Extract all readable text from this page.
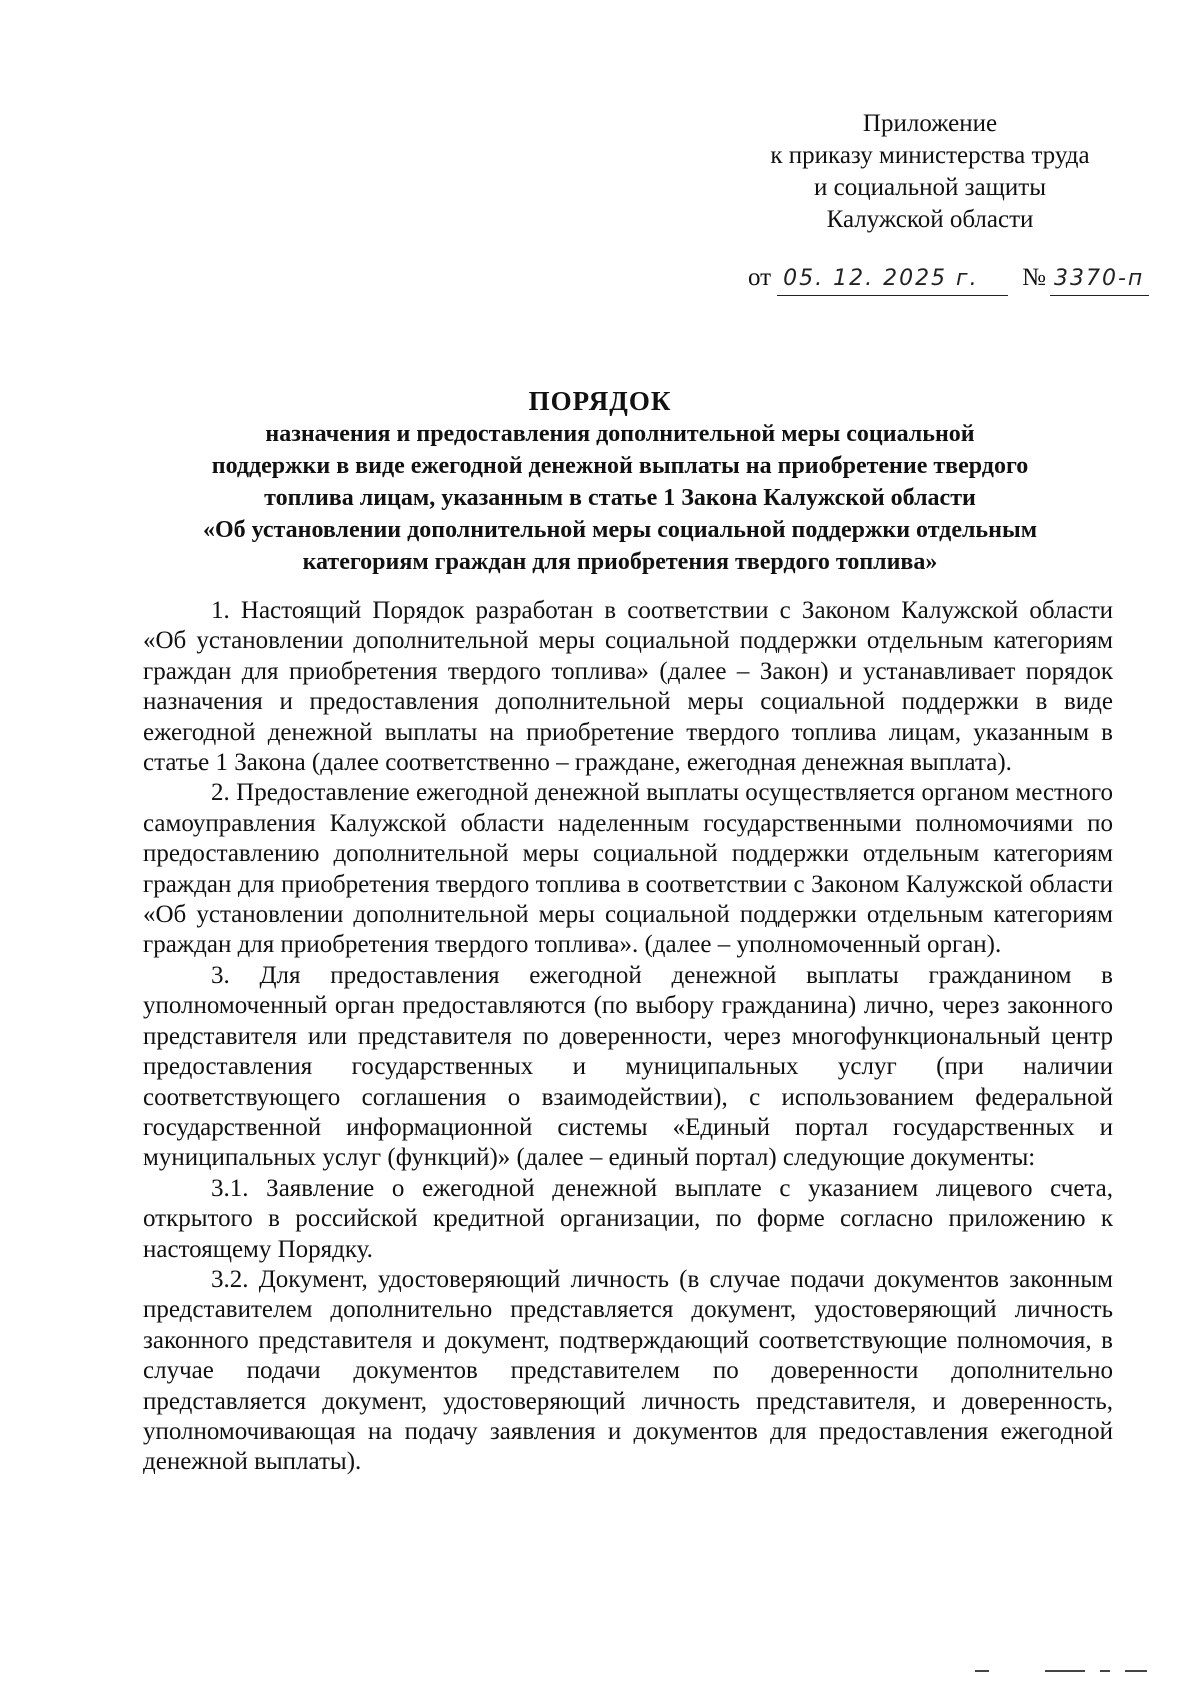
Приложение
к приказу министерства труда
и социальной защиты
Калужской области
от 05. 12. 2025 г. № 3370-п
ПОРЯДОК
назначения и предоставления дополнительной меры социальной
поддержки в виде ежегодной денежной выплаты на приобретение твердого
топлива лицам, указанным в статье 1 Закона Калужской области
«Об установлении дополнительной меры социальной поддержки отдельным
категориям граждан для приобретения твердого топлива»

1. Настоящий Порядок разработан в соответствии с Законом Калужской области «Об установлении дополнительной меры социальной поддержки отдельным категориям граждан для приобретения твердого топлива» (далее – Закон) и устанавливает порядок назначения и предоставления дополнительной меры социальной поддержки в виде ежегодной денежной выплаты на приобретение твердого топлива лицам, указанным в статье 1 Закона (далее соответственно – граждане, ежегодная денежная выплата).

2. Предоставление ежегодной денежной выплаты осуществляется органом местного самоуправления Калужской области наделенным государственными полномочиями по предоставлению дополнительной меры социальной поддержки отдельным категориям граждан для приобретения твердого топлива в соответствии с Законом Калужской области «Об установлении дополнительной меры социальной поддержки отдельным категориям граждан для приобретения твердого топлива». (далее – уполномоченный орган).

3. Для предоставления ежегодной денежной выплаты гражданином в уполномоченный орган предоставляются (по выбору гражданина) лично, через законного представителя или представителя по доверенности, через многофункциональный центр предоставления государственных и муниципальных услуг (при наличии соответствующего соглашения о взаимодействии), с использованием федеральной государственной информационной системы «Единый портал государственных и муниципальных услуг (функций)» (далее – единый портал) следующие документы:

3.1. Заявление о ежегодной денежной выплате с указанием лицевого счета, открытого в российской кредитной организации, по форме согласно приложению к настоящему Порядку.

3.2. Документ, удостоверяющий личность (в случае подачи документов законным представителем дополнительно представляется документ, удостоверяющий личность законного представителя и документ, подтверждающий соответствующие полномочия, в случае подачи документов представителем по доверенности дополнительно представляется документ, удостоверяющий личность представителя, и доверенность, уполномочивающая на подачу заявления и документов для предоставления ежегодной денежной выплаты).
